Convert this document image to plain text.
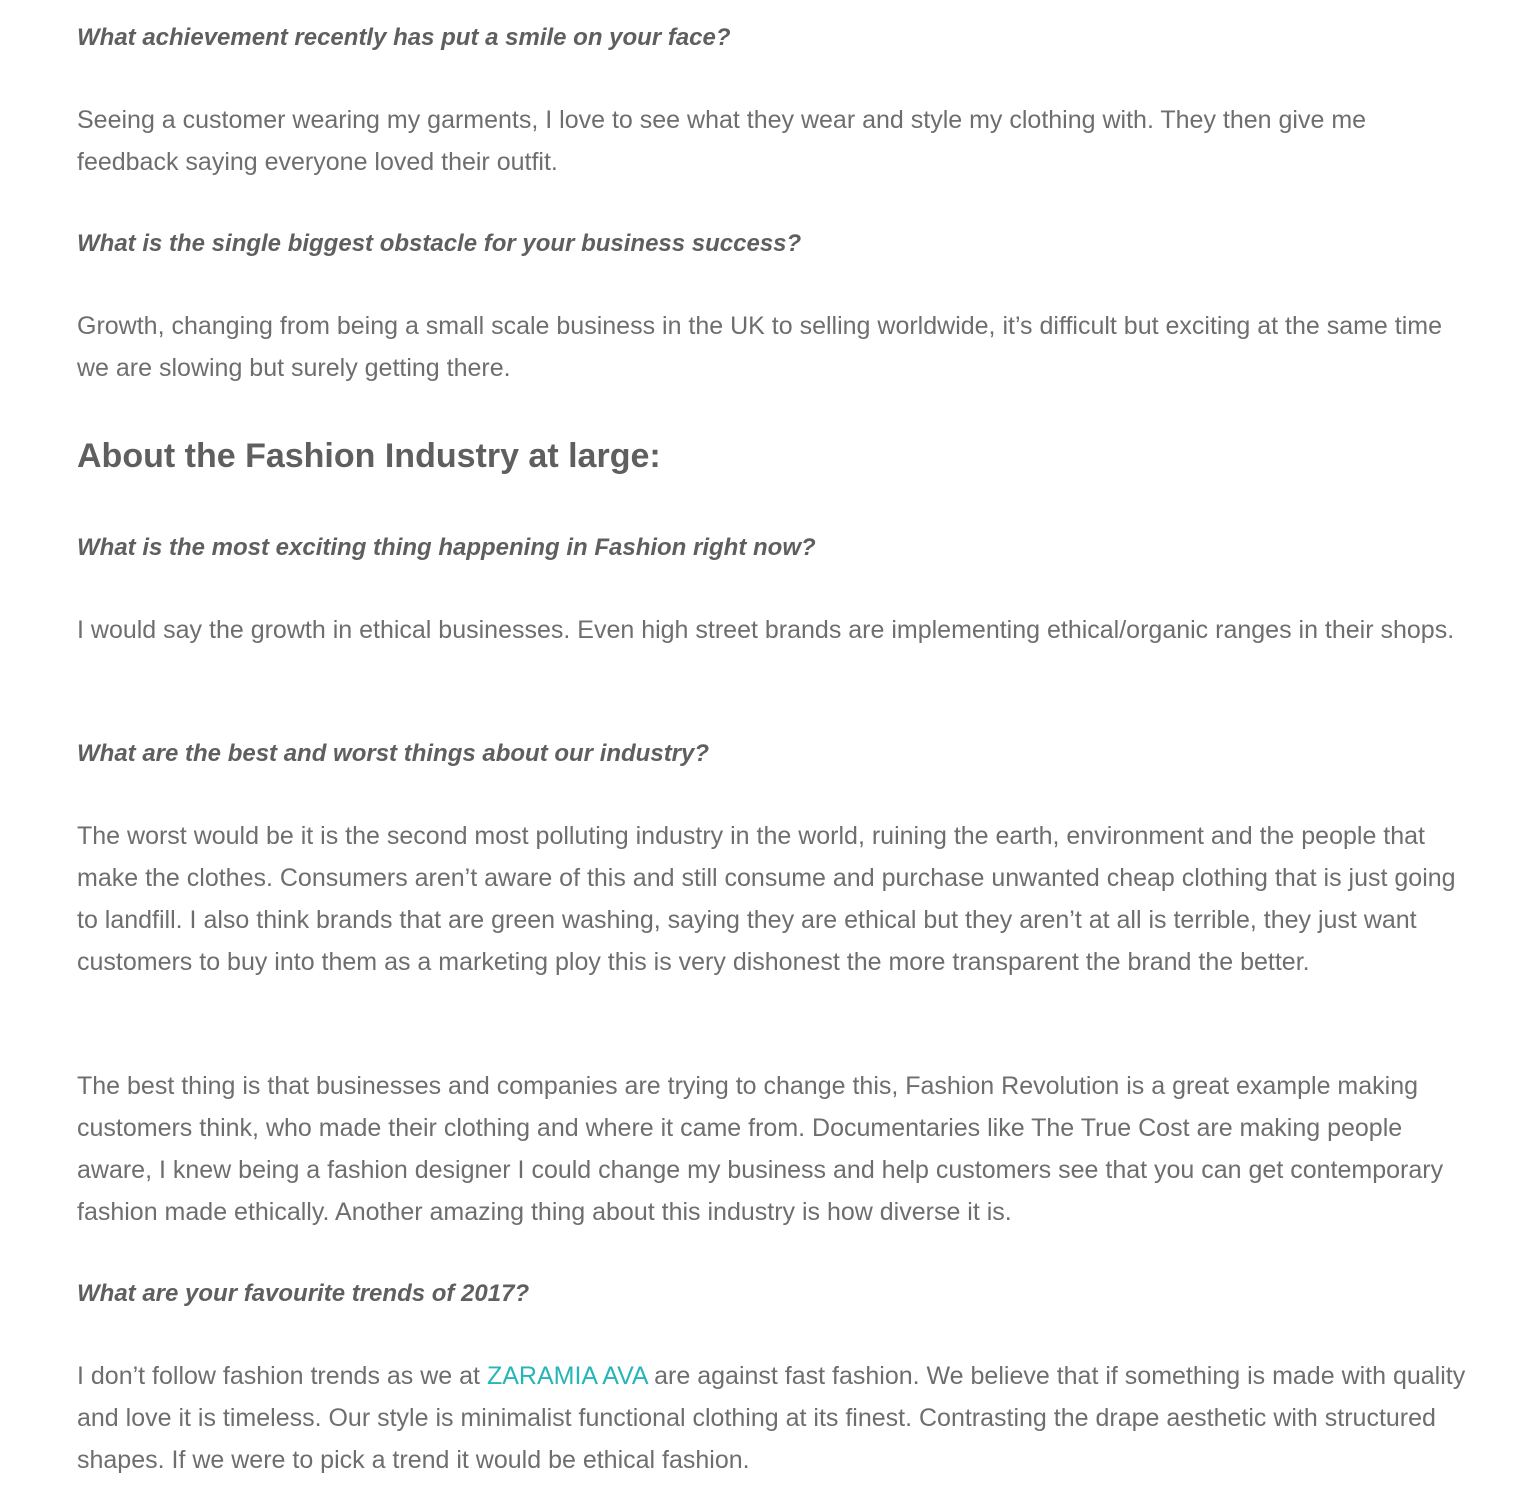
What achievement recently has put a smile on your face?

Seeing a customer wearing my garments, I love to see what they wear and style my clothing with. They then give me feedback saying everyone loved their outfit.

What is the single biggest obstacle for your business success?

Growth, changing from being a small scale business in the UK to selling worldwide, it’s difficult but exciting at the same time we are slowing but surely getting there.

About the Fashion Industry at large:

What is the most exciting thing happening in Fashion right now?

I would say the growth in ethical businesses. Even high street brands are implementing ethical/organic ranges in their shops.

What are the best and worst things about our industry?

The worst would be it is the second most polluting industry in the world, ruining the earth, environment and the people that make the clothes. Consumers aren’t aware of this and still consume and purchase unwanted cheap clothing that is just going to landfill. I also think brands that are green washing, saying they are ethical but they aren’t at all is terrible, they just want customers to buy into them as a marketing ploy this is very dishonest the more transparent the brand the better.

The best thing is that businesses and companies are trying to change this, Fashion Revolution is a great example making customers think, who made their clothing and where it came from. Documentaries like The True Cost are making people aware, I knew being a fashion designer I could change my business and help customers see that you can get contemporary fashion made ethically. Another amazing thing about this industry is how diverse it is.

What are your favourite trends of 2017?

I don’t follow fashion trends as we at ZARAMIA AVA are against fast fashion. We believe that if something is made with quality and love it is timeless. Our style is minimalist functional clothing at its finest. Contrasting the drape aesthetic with structured shapes. If we were to pick a trend it would be ethical fashion.
